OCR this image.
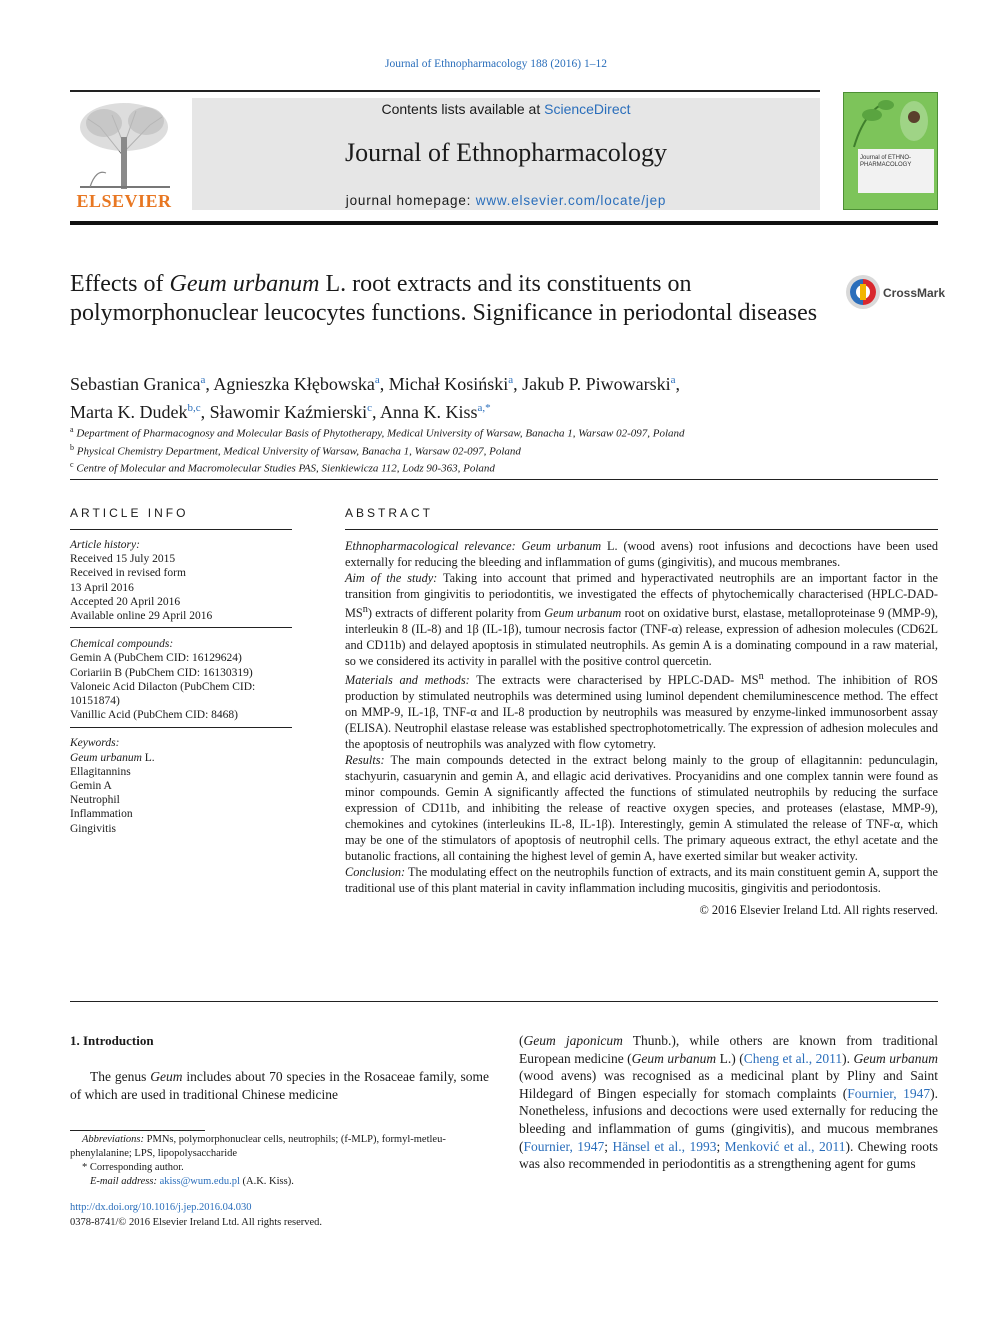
Journal of Ethnopharmacology 188 (2016) 1–12
ELSEVIER
Contents lists available at ScienceDirect
Journal of Ethnopharmacology
journal homepage: www.elsevier.com/locate/jep
Journal of ETHNO-PHARMACOLOGY
Effects of Geum urbanum L. root extracts and its constituents on polymorphonuclear leucocytes functions. Significance in periodontal diseases
CrossMark
Sebastian Granica$^a$, Agnieszka Kłębowska$^a$, Michał Kosiński$^a$, Jakub P. Piwowarski$^a$,
Marta K. Dudek$^{b,c}$, Sławomir Kaźmierski$^c$, Anna K. Kiss$^{a,*}$
$^a$ Department of Pharmacognosy and Molecular Basis of Phytotherapy, Medical University of Warsaw, Banacha 1, Warsaw 02-097, Poland
$^b$ Physical Chemistry Department, Medical University of Warsaw, Banacha 1, Warsaw 02-097, Poland
$^c$ Centre of Molecular and Macromolecular Studies PAS, Sienkiewicza 112, Lodz 90-363, Poland
ARTICLE INFO	ABSTRACT
Article history:
Received 15 July 2015
Received in revised form
13 April 2016
Accepted 20 April 2016
Available online 29 April 2016
Chemical compounds:
Gemin A (PubChem CID: 16129624)
Coriariin B (PubChem CID: 16130319)
Valoneic Acid Dilacton (PubChem CID:
10151874)
Vanillic Acid (PubChem CID: 8468)
Keywords:
Geum urbanum L.
Ellagitannins
Gemin A
Neutrophil
Inflammation
Gingivitis

Ethnopharmacological relevance: Geum urbanum L. (wood avens) root infusions and decoctions have been used externally for reducing the bleeding and inflammation of gums (gingivitis), and mucous membranes.

Aim of the study: Taking into account that primed and hyperactivated neutrophils are an important factor in the transition from gingivitis to periodontitis, we investigated the effects of phytochemically characterised $(HPLC-DAD-MS^n)$ extracts of different polarity from Geum urbanum root on oxidative burst, elastase, metalloproteinase 9 (MMP-9), interleukin 8 (IL-8) and 1β (IL-1β), tumour necrosis factor (TNF-α) release, expression of adhesion molecules (CD62L and CD11b) and delayed apoptosis in stimulated neutrophils. As gemin A is a dominating compound in a raw material, so we considered its activity in parallel with the positive control quercetin.

Materials and methods: The extracts were characterised by HPLC-DAD- $MS^n$ method. The inhibition of ROS production by stimulated neutrophils was determined using luminol dependent chemiluminescence method. The effect on MMP-9, IL-1β, TNF-α and IL-8 production by neutrophils was measured by enzyme-linked immunosorbent assay (ELISA). Neutrophil elastase release was established spectrophotometrically. The expression of adhesion molecules and the apoptosis of neutrophils was analyzed with flow cytometry.

Results: The main compounds detected in the extract belong mainly to the group of ellagitannin: pedunculagin, stachyurin, casuarynin and gemin A, and ellagic acid derivatives. Procyanidins and one complex tannin were found as minor compounds. Gemin A significantly affected the functions of stimulated neutrophils by reducing the surface expression of CD11b, and inhibiting the release of reactive oxygen species, and proteases (elastase, MMP-9), chemokines and cytokines (interleukins IL-8, IL-1β). Interestingly, gemin A stimulated the release of TNF-α, which may be one of the stimulators of apoptosis of neutrophil cells. The primary aqueous extract, the ethyl acetate and the butanolic fractions, all containing the highest level of gemin A, have exerted similar but weaker activity.

Conclusion: The modulating effect on the neutrophils function of extracts, and its main constituent gemin A, support the traditional use of this plant material in cavity inflammation including mucositis, gingivitis and periodontosis.

© 2016 Elsevier Ireland Ltd. All rights reserved.

1. Introduction

The genus Geum includes about 70 species in the Rosaceae family, some of which are used in traditional Chinese medicine

Abbreviations: PMNs, polymorphonuclear cells, neutrophils; (f-MLP), formyl-metleu-phenylalanine; LPS, lipopolysaccharide
* Corresponding author.
E-mail address: akiss@wum.edu.pl (A.K. Kiss).
http://dx.doi.org/10.1016/j.jep.2016.04.030
0378-8741/© 2016 Elsevier Ireland Ltd. All rights reserved.

(Geum japonicum Thunb.), while others are known from traditional European medicine (Geum urbanum L.) (Cheng et al., 2011). Geum urbanum (wood avens) was recognised as a medicinal plant by Pliny and Saint Hildegard of Bingen especially for stomach complaints (Fournier, 1947). Nonetheless, infusions and decoctions were used externally for reducing the bleeding and inflammation of gums (gingivitis), and mucous membranes (Fournier, 1947; Hänsel et al., 1993; Menković et al., 2011). Chewing roots was also recommended in periodontitis as a strengthening agent for gums
